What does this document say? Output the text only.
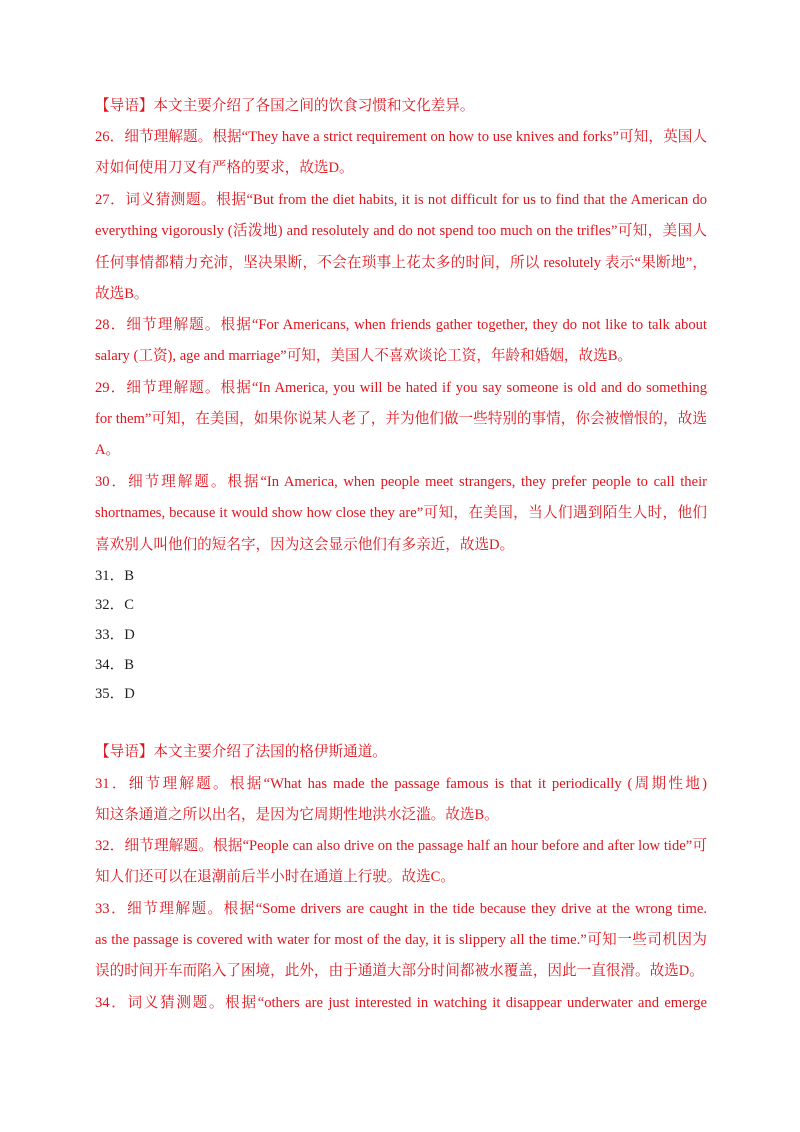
【导语】本文主要介绍了各国之间的饮食习惯和文化差异。
26．细节理解题。根据“They have a strict requirement on how to use knives and forks”可知，英国人
对如何使用刀叉有严格的要求，故选D。
27．词义猜测题。根据“But from the diet habits, it is not difficult for us to find that the American do
everything vigorously (活泼地) and resolutely and do not spend too much on the trifles”可知，美国人
任何事情都精力充沛，坚决果断，不会在琐事上花太多的时间，所以 resolutely 表示“果断地”，
故选B。
28．细节理解题。根据“For Americans, when friends gather together, they do not like to talk about
salary (工资), age and marriage”可知，美国人不喜欢谈论工资，年龄和婚姻，故选B。
29．细节理解题。根据“In America, you will be hated if you say someone is old and do something
for them”可知，在美国，如果你说某人老了，并为他们做一些特别的事情，你会被憎恨的，故选
A。
30．细节理解题。根据“In America, when people meet strangers, they prefer people to call their
shortnames, because it would show how close they are”可知，在美国，当人们遇到陌生人时，他们
喜欢别人叫他们的短名字，因为这会显示他们有多亲近，故选D。
31．B
32．C
33．D
34．B
35．D
【导语】本文主要介绍了法国的格伊斯通道。
31．细节理解题。根据“What has made the passage famous is that it periodically (周期性地)
知这条通道之所以出名，是因为它周期性地洪水泛滥。故选B。
32．细节理解题。根据“People can also drive on the passage half an hour before and after low tide”可
知人们还可以在退潮前后半小时在通道上行驶。故选C。
33．细节理解题。根据“Some drivers are caught in the tide because they drive at the wrong time.
as the passage is covered with water for most of the day, it is slippery all the time.”可知一些司机因为
误的时间开车而陷入了困境，此外，由于通道大部分时间都被水覆盖，因此一直很滑。故选D。
34．词义猜测题。根据“others are just interested in watching it disappear underwater and emerge
